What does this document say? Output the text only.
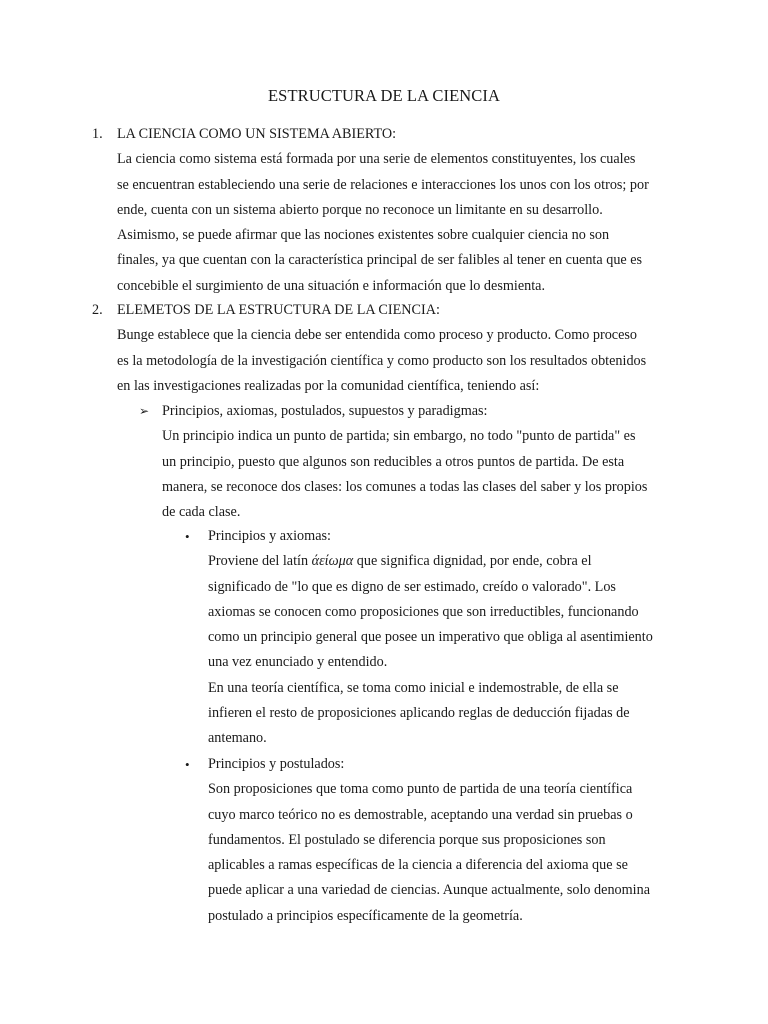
ESTRUCTURA DE LA CIENCIA
1. LA CIENCIA COMO UN SISTEMA ABIERTO:
La ciencia como sistema está formada por una serie de elementos constituyentes, los cuales
se encuentran estableciendo una serie de relaciones e interacciones los unos con los otros; por
ende, cuenta con un sistema abierto porque no reconoce un limitante en su desarrollo.
Asimismo, se puede afirmar que las nociones existentes sobre cualquier ciencia no son
finales, ya que cuentan con la característica principal de ser falibles al tener en cuenta que es
concebible el surgimiento de una situación e información que lo desmienta.
2. ELEMETOS DE LA ESTRUCTURA DE LA CIENCIA:
Bunge establece que la ciencia debe ser entendida como proceso y producto. Como proceso
es la metodología de la investigación científica y como producto son los resultados obtenidos
en las investigaciones realizadas por la comunidad científica, teniendo así:
➢ Principios, axiomas, postulados, supuestos y paradigmas:
Un principio indica un punto de partida; sin embargo, no todo "punto de partida" es
un principio, puesto que algunos son reducibles a otros puntos de partida. De esta
manera, se reconoce dos clases: los comunes a todas las clases del saber y los propios
de cada clase.
• Principios y axiomas:
Proviene del latín άείωμα que significa dignidad, por ende, cobra el
significado de "lo que es digno de ser estimado, creído o valorado". Los
axiomas se conocen como proposiciones que son irreductibles, funcionando
como un principio general que posee un imperativo que obliga al asentimiento
una vez enunciado y entendido.
En una teoría científica, se toma como inicial e indemostrable, de ella se
infieren el resto de proposiciones aplicando reglas de deducción fijadas de
antemano.
• Principios y postulados:
Son proposiciones que toma como punto de partida de una teoría científica
cuyo marco teórico no es demostrable, aceptando una verdad sin pruebas o
fundamentos. El postulado se diferencia porque sus proposiciones son
aplicables a ramas específicas de la ciencia a diferencia del axioma que se
puede aplicar a una variedad de ciencias. Aunque actualmente, solo denomina
postulado a principios específicamente de la geometría.
